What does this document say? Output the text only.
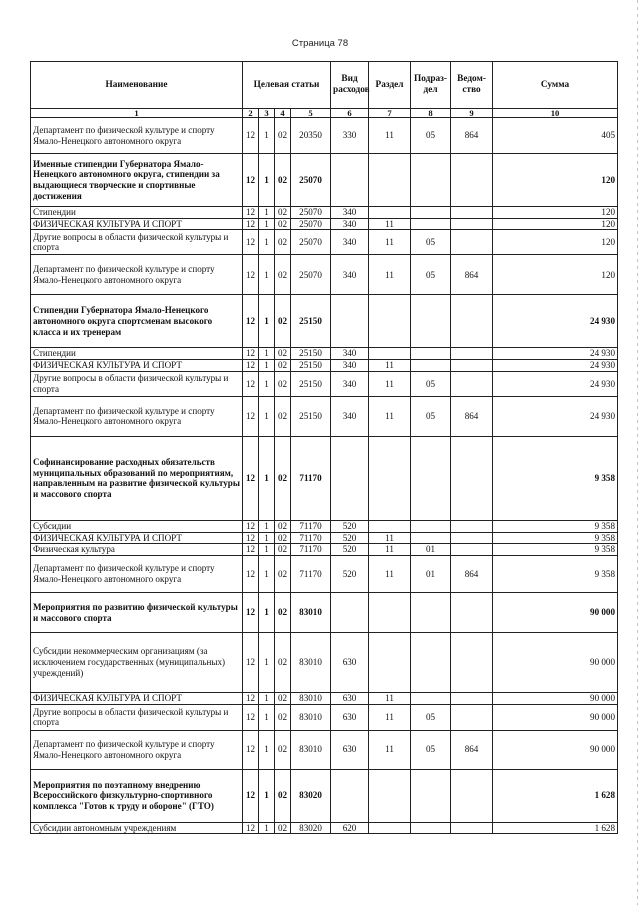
Страница 78
Наименование	Целевая статьи				Вид расходов	Раздел	Подраз-дел	Ведом-ство	Сумма
1	2	3	4	5	6	7	8	9	10
Департамент по физической культуре и спорту Ямало-Ненецкого автономного округа	12	1	02	20350	330	11	05	864	405
Именные стипендии Губернатора Ямало-Ненецкого автономного округа, стипендии за выдающиеся творческие и спортивные достижения	12	1	02	25070					120
Стипендии	12	1	02	25070	340				120
ФИЗИЧЕСКАЯ КУЛЬТУРА И СПОРТ	12	1	02	25070	340	11			120
Другие вопросы в области физической культуры и спорта	12	1	02	25070	340	11	05		120
Департамент по физической культуре и спорту Ямало-Ненецкого автономного округа	12	1	02	25070	340	11	05	864	120
Стипендии Губернатора Ямало-Ненецкого автономного округа спортсменам высокого класса и их тренерам	12	1	02	25150					24 930
Стипендии	12	1	02	25150	340				24 930
ФИЗИЧЕСКАЯ КУЛЬТУРА И СПОРТ	12	1	02	25150	340	11			24 930
Другие вопросы в области физической культуры и спорта	12	1	02	25150	340	11	05		24 930
Департамент по физической культуре и спорту Ямало-Ненецкого автономного округа	12	1	02	25150	340	11	05	864	24 930
Софинансирование расходных обязательств муниципальных образований по мероприятиям, направленным на развитие физической культуры и массового спорта	12	1	02	71170					9 358
Субсидии	12	1	02	71170	520				9 358
ФИЗИЧЕСКАЯ КУЛЬТУРА И СПОРТ	12	1	02	71170	520	11			9 358
Физическая культура	12	1	02	71170	520	11	01		9 358
Департамент по физической культуре и спорту Ямало-Ненецкого автономного округа	12	1	02	71170	520	11	01	864	9 358
Мероприятия по развитию физической культуры и массового спорта	12	1	02	83010					90 000
Субсидии некоммерческим организациям (за исключением государственных (муниципальных) учреждений)	12	1	02	83010	630				90 000
ФИЗИЧЕСКАЯ КУЛЬТУРА И СПОРТ	12	1	02	83010	630	11			90 000
Другие вопросы в области физической культуры и спорта	12	1	02	83010	630	11	05		90 000
Департамент по физической культуре и спорту Ямало-Ненецкого автономного округа	12	1	02	83010	630	11	05	864	90 000
Мероприятия по поэтапному внедрению Всероссийского физкультурно-спортивного комплекса "Готов к труду и обороне" (ГТО)	12	1	02	83020					1 628
Субсидии автономным учреждениям	12	1	02	83020	620				1 628
